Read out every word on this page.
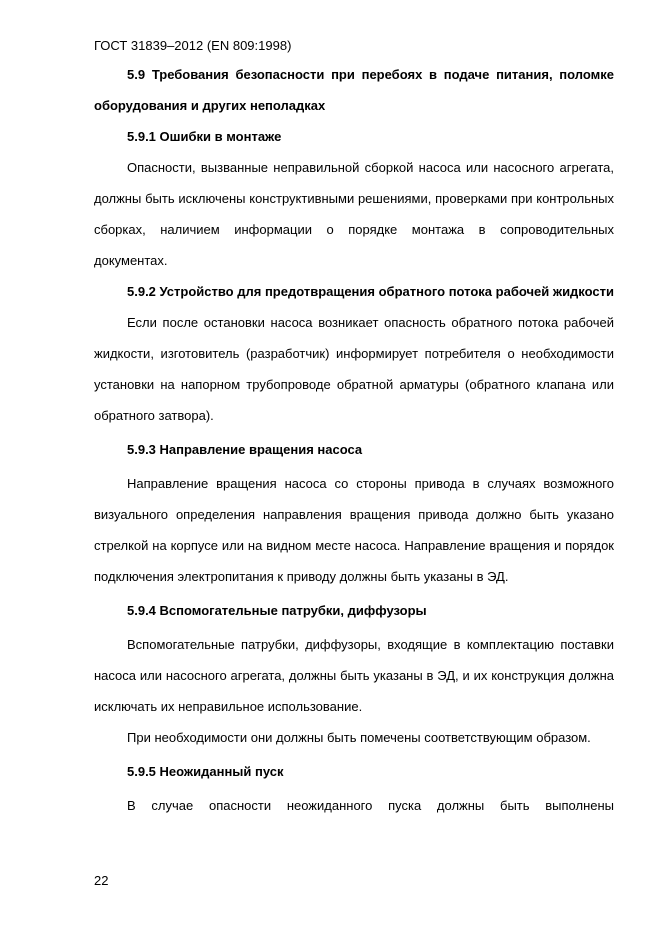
ГОСТ 31839–2012 (EN 809:1998)

5.9 Требования безопасности при перебоях в подаче питания, поломке оборудования и других неполадках

5.9.1 Ошибки в монтаже

Опасности, вызванные неправильной сборкой насоса или насосного агрегата, должны быть исключены конструктивными решениями, проверками при контрольных сборках, наличием информации о порядке монтажа в сопроводительных документах.

5.9.2 Устройство для предотвращения обратного потока рабочей жидкости

Если после остановки насоса возникает опасность обратного потока рабочей жидкости, изготовитель (разработчик) информирует потребителя о необходимости установки на напорном трубопроводе обратной арматуры (обратного клапана или обратного затвора).

5.9.3 Направление вращения насоса

Направление вращения насоса со стороны привода в случаях возможного визуального определения направления вращения привода должно быть указано стрелкой на корпусе или на видном месте насоса. Направление вращения и порядок подключения электропитания к приводу должны быть указаны в ЭД.

5.9.4 Вспомогательные патрубки, диффузоры

Вспомогательные патрубки, диффузоры, входящие в комплектацию поставки насоса или насосного агрегата, должны быть указаны в ЭД, и их конструкция должна исключать их неправильное использование.

При необходимости они должны быть помечены соответствующим образом.

5.9.5 Неожиданный пуск

В случае опасности неожиданного пуска должны быть выполнены

22
